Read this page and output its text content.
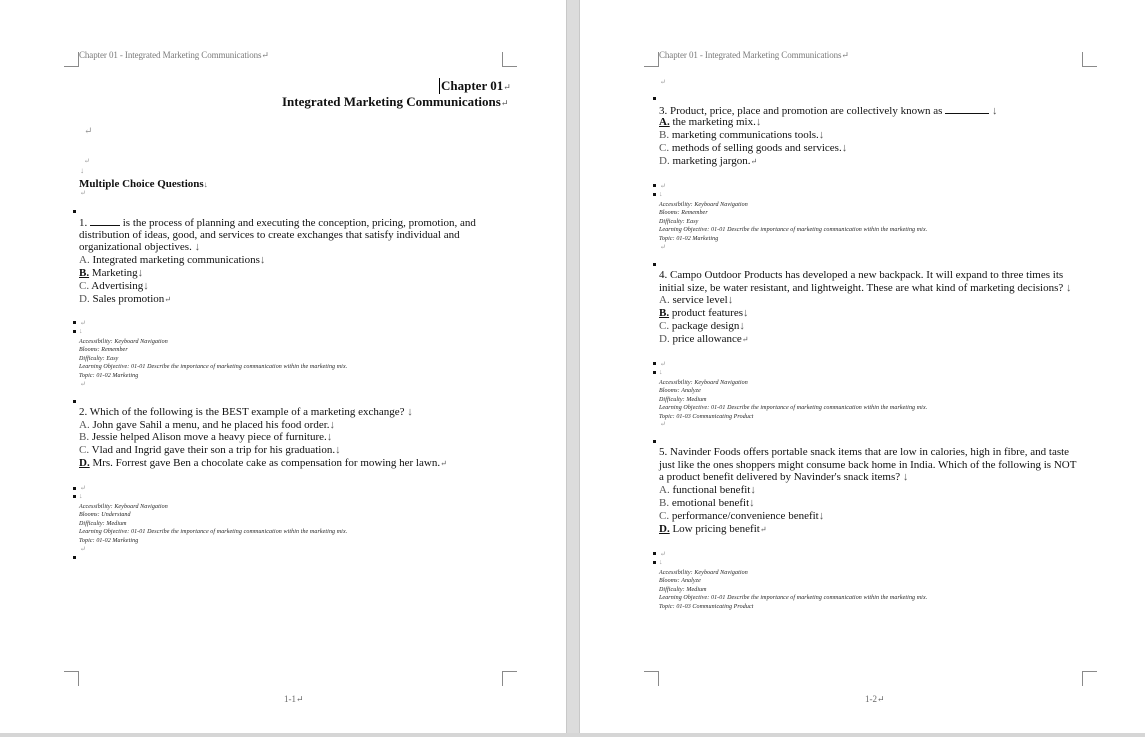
Chapter 01 - Integrated Marketing Communications↵
Chapter 01↵
Integrated Marketing Communications↵
↵
↵
↓
Multiple Choice Questions↓
↵
1.	is the process of planning and executing the conception, pricing, promotion, and
distribution of ideas, good, and services to create exchanges that satisfy individual and
organizational objectives. ↓
A. Integrated marketing communications↓
B. Marketing↓
C. Advertising↓
D. Sales promotion↵
↵
↓
Accessibility: Keyboard Navigation
Blooms: Remember
Difficulty: Easy
Learning Objective: 01-01 Describe the importance of marketing communication within the marketing mix.
Topic: 01-02 Marketing
↵
2. Which of the following is the BEST example of a marketing exchange? ↓
A. John gave Sahil a menu, and he placed his food order.↓
B. Jessie helped Alison move a heavy piece of furniture.↓
C. Vlad and Ingrid gave their son a trip for his graduation.↓
D. Mrs. Forrest gave Ben a chocolate cake as compensation for mowing her lawn.↵
↵
↓
Accessibility: Keyboard Navigation
Blooms: Understand
Difficulty: Medium
Learning Objective: 01-01 Describe the importance of marketing communication within the marketing mix.
Topic: 01-02 Marketing
↵
1-1↵
Chapter 01 - Integrated Marketing Communications↵
↵
3. Product, price, place and promotion are collectively known as	↓
A. the marketing mix.↓
B. marketing communications tools.↓
C. methods of selling goods and services.↓
D. marketing jargon.↵
↵
↓
Accessibility: Keyboard Navigation
Blooms: Remember
Difficulty: Easy
Learning Objective: 01-01 Describe the importance of marketing communication within the marketing mix.
Topic: 01-02 Marketing
↵
4. Campo Outdoor Products has developed a new backpack. It will expand to three times its
initial size, be water resistant, and lightweight. These are what kind of marketing decisions? ↓
A. service level↓
B. product features↓
C. package design↓
D. price allowance↵
↵
↓
Accessibility: Keyboard Navigation
Blooms: Analyze
Difficulty: Medium
Learning Objective: 01-01 Describe the importance of marketing communication within the marketing mix.
Topic: 01-03 Communicating Product
↵
5. Navinder Foods offers portable snack items that are low in calories, high in fibre, and taste
just like the ones shoppers might consume back home in India. Which of the following is NOT
a product benefit delivered by Navinder's snack items? ↓
A. functional benefit↓
B. emotional benefit↓
C. performance/convenience benefit↓
D. Low pricing benefit↵
↵
↓
Accessibility: Keyboard Navigation
Blooms: Analyze
Difficulty: Medium
Learning Objective: 01-01 Describe the importance of marketing communication within the marketing mix.
Topic: 01-03 Communicating Product
1-2↵
